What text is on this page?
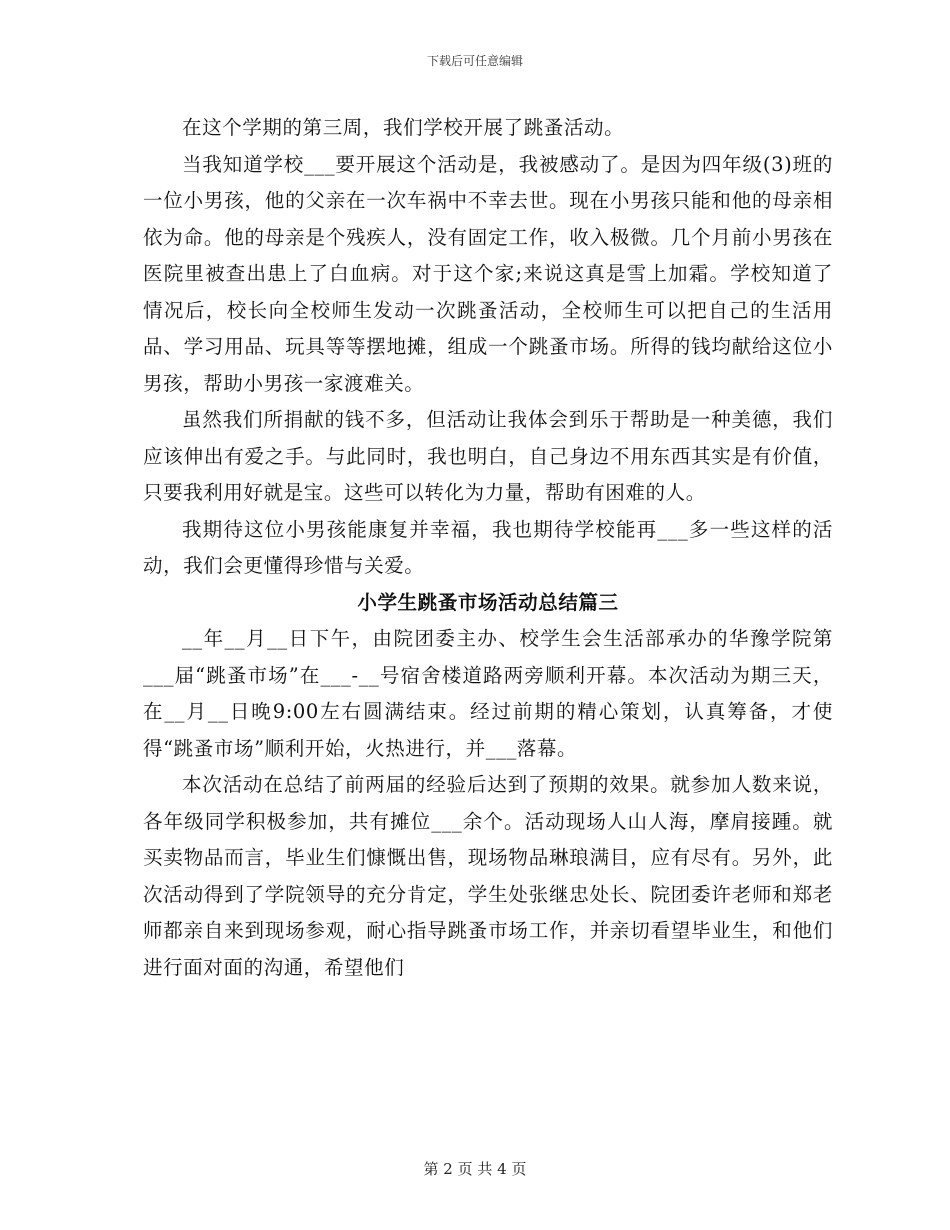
下载后可任意编辑

在这个学期的第三周，我们学校开展了跳蚤活动。

当我知道学校___要开展这个活动是，我被感动了。是因为四年级(3)班的一位小男孩，他的父亲在一次车祸中不幸去世。现在小男孩只能和他的母亲相依为命。他的母亲是个残疾人，没有固定工作，收入极微。几个月前小男孩在医院里被查出患上了白血病。对于这个家;来说这真是雪上加霜。学校知道了情况后，校长向全校师生发动一次跳蚤活动，全校师生可以把自己的生活用品、学习用品、玩具等等摆地摊，组成一个跳蚤市场。所得的钱均献给这位小男孩，帮助小男孩一家渡难关。

虽然我们所捐献的钱不多，但活动让我体会到乐于帮助是一种美德，我们应该伸出有爱之手。与此同时，我也明白，自己身边不用东西其实是有价值，只要我利用好就是宝。这些可以转化为力量，帮助有困难的人。

我期待这位小男孩能康复并幸福，我也期待学校能再___多一些这样的活动，我们会更懂得珍惜与关爱。

小学生跳蚤市场活动总结篇三

__年__月__日下午，由院团委主办、校学生会生活部承办的华豫学院第___届“跳蚤市场”在___-__号宿舍楼道路两旁顺利开幕。本次活动为期三天，在__月__日晚9:00左右圆满结束。经过前期的精心策划，认真筹备，才使得“跳蚤市场”顺利开始，火热进行，并___落幕。

本次活动在总结了前两届的经验后达到了预期的效果。就参加人数来说，各年级同学积极参加，共有摊位___余个。活动现场人山人海，摩肩接踵。就买卖物品而言，毕业生们慷慨出售，现场物品琳琅满目，应有尽有。另外，此次活动得到了学院领导的充分肯定，学生处张继忠处长、院团委许老师和郑老师都亲自来到现场参观，耐心指导跳蚤市场工作，并亲切看望毕业生，和他们进行面对面的沟通，希望他们

第 2 页 共 4 页
